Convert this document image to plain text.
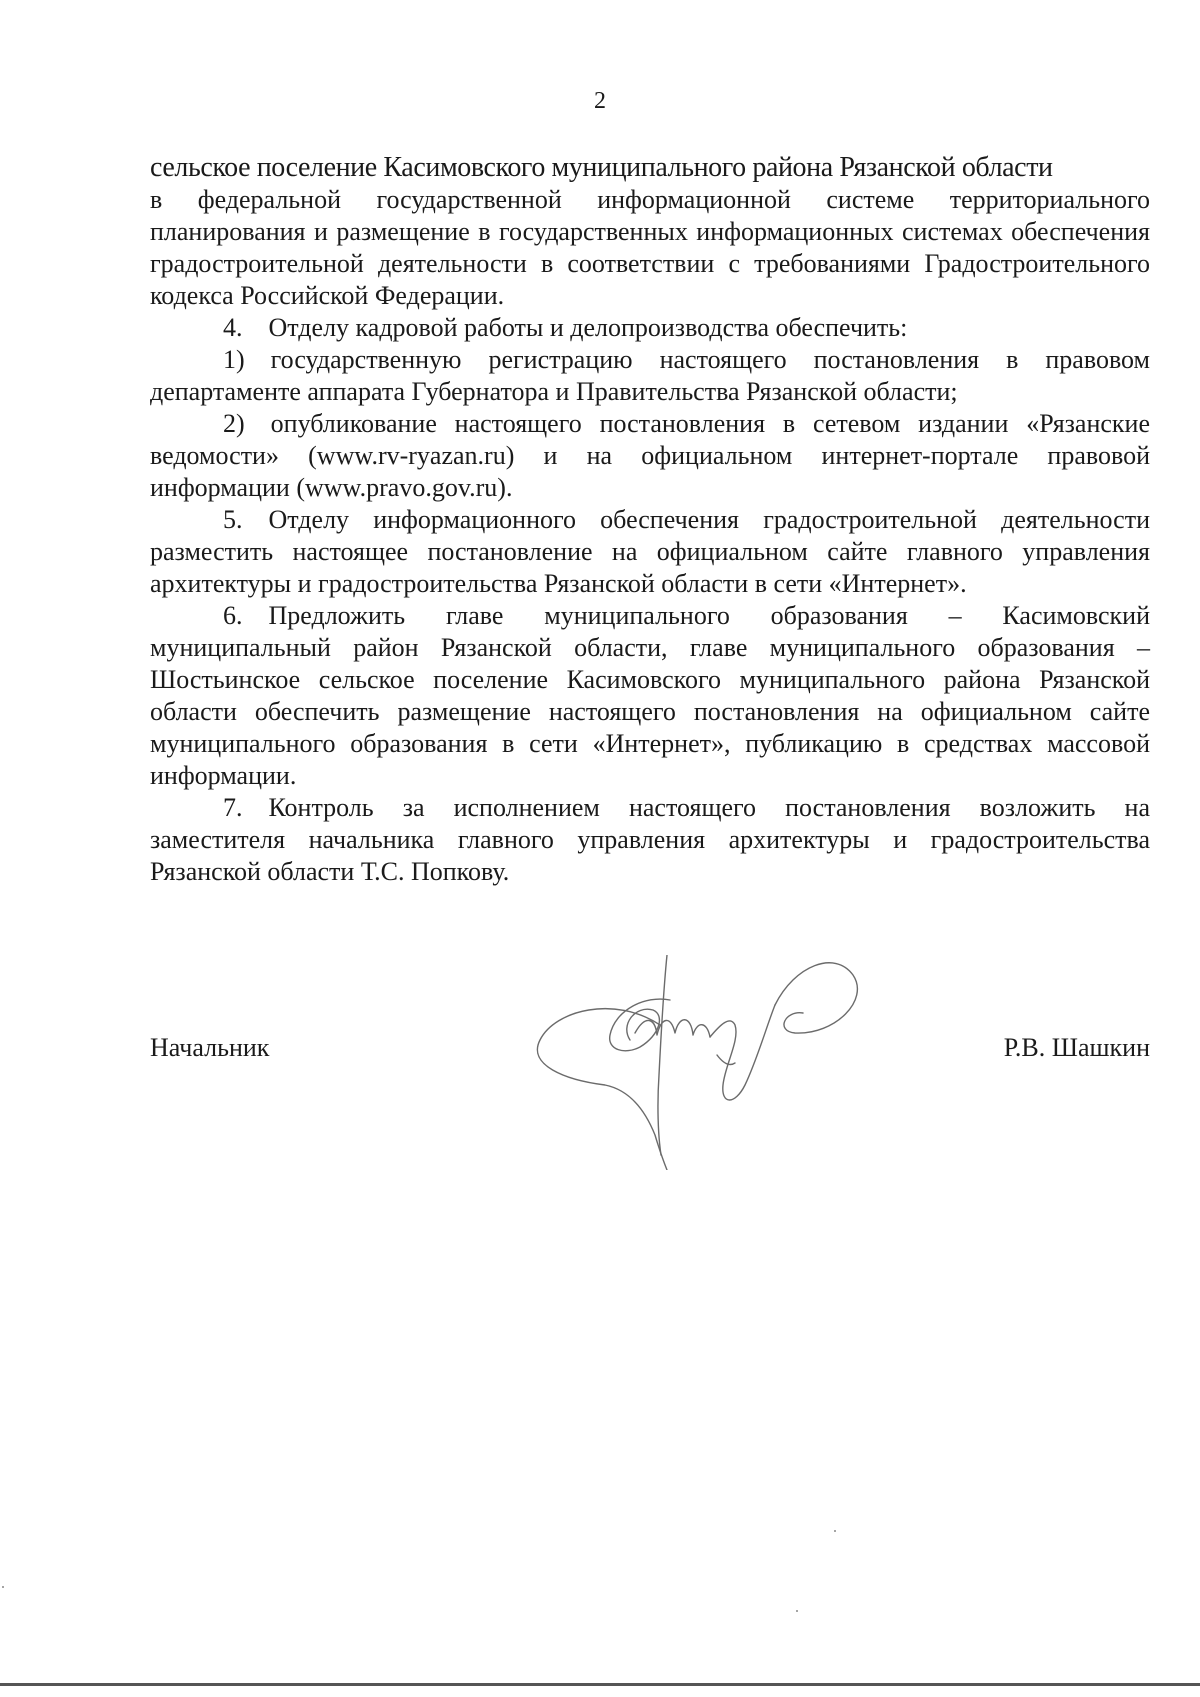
2

сельское поселение Касимовского муниципального района Рязанской области

в федеральной государственной информационной системе территориального планирования и размещение в государственных информационных системах обеспечения градостроительной деятельности в соответствии с требованиями Градостроительного кодекса Российской Федерации.

4. Отделу кадровой работы и делопроизводства обеспечить:

1) государственную регистрацию настоящего постановления в правовом департаменте аппарата Губернатора и Правительства Рязанской области;

2) опубликование настоящего постановления в сетевом издании «Рязанские ведомости» (www.rv-ryazan.ru) и на официальном интернет-портале правовой информации (www.pravo.gov.ru).

5. Отделу информационного обеспечения градостроительной деятельности разместить настоящее постановление на официальном сайте главного управления архитектуры и градостроительства Рязанской области в сети «Интернет».

6. Предложить главе муниципального образования – Касимовский муниципальный район Рязанской области, главе муниципального образования – Шостьинское сельское поселение Касимовского муниципального района Рязанской области обеспечить размещение настоящего постановления на официальном сайте муниципального образования в сети «Интернет», публикацию в средствах массовой информации.

7. Контроль за исполнением настоящего постановления возложить на заместителя начальника главного управления архитектуры и градостроительства Рязанской области Т.С. Попкову.

Начальник	Р.В. Шашкин
